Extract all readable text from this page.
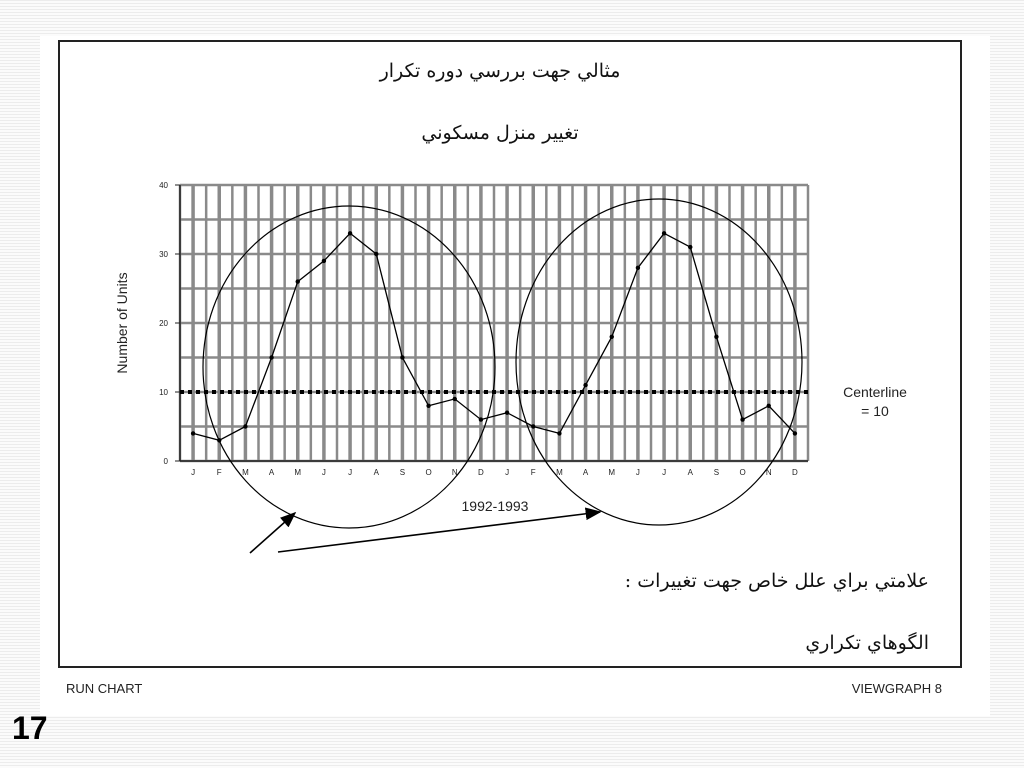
مثالي جهت بررسي دوره تكرار
تغيير منزل مسكوني
Centerline
= 10
0
10
20
30
40
J	F	M	A	M	J	J	A	S	O	N	D	J	F	M	A	M	J	J	A	S	O	N	D
Number of Units
1992-1993
علامتي براي علل خاص جهت تغييرات :
الگوهاي تكراري
RUN CHART	VIEWGRAPH 8
17
